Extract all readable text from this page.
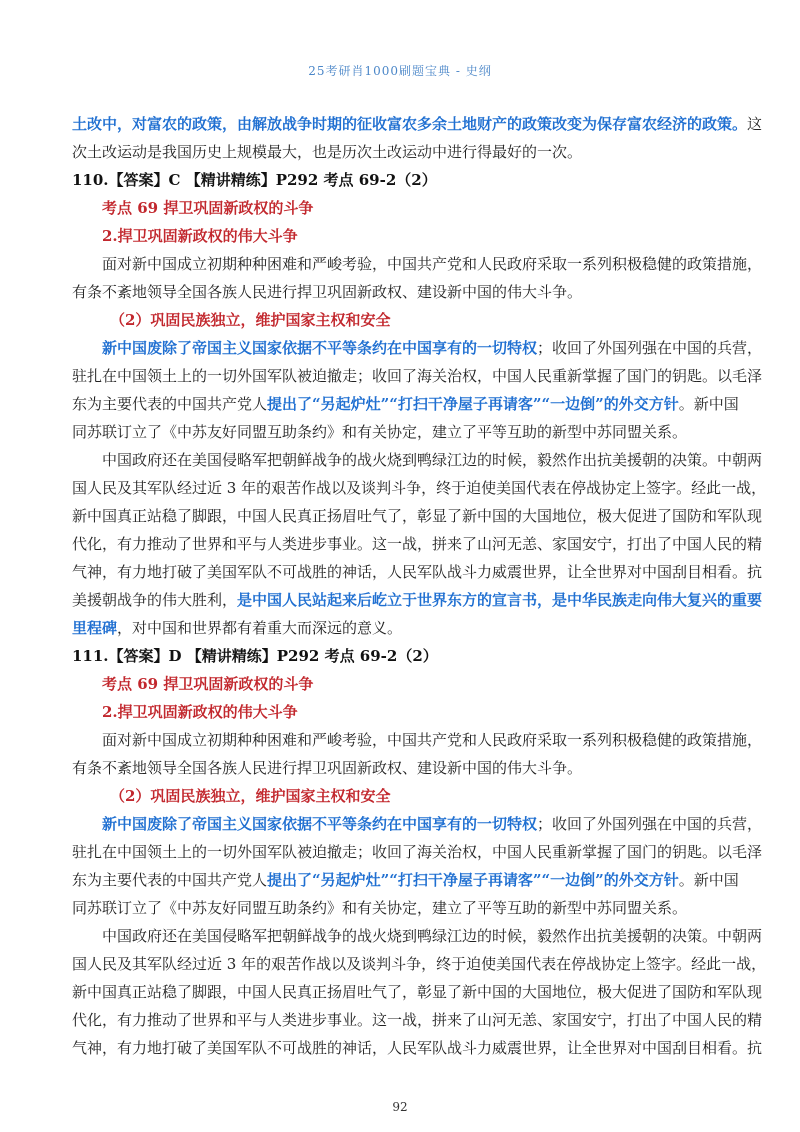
25考研肖1000刷题宝典 - 史纲

土改中，对富农的政策，由解放战争时期的征收富农多余土地财产的政策改变为保存富农经济的政策。这

次土改运动是我国历史上规模最大，也是历次土改运动中进行得最好的一次。

110.【答案】C 【精讲精练】P292 考点 69-2（2）

考点 69 捍卫巩固新政权的斗争

2.捍卫巩固新政权的伟大斗争

面对新中国成立初期种种困难和严峻考验，中国共产党和人民政府采取一系列积极稳健的政策措施，

有条不紊地领导全国各族人民进行捍卫巩固新政权、建设新中国的伟大斗争。

（2）巩固民族独立，维护国家主权和安全

新中国废除了帝国主义国家依据不平等条约在中国享有的一切特权；收回了外国列强在中国的兵营，

驻扎在中国领土上的一切外国军队被迫撤走；收回了海关治权，中国人民重新掌握了国门的钥匙。以毛泽

东为主要代表的中国共产党人提出了“另起炉灶”“打扫干净屋子再请客”“一边倒”的外交方针。新中国

同苏联订立了《中苏友好同盟互助条约》和有关协定，建立了平等互助的新型中苏同盟关系。

中国政府还在美国侵略军把朝鲜战争的战火烧到鸭绿江边的时候，毅然作出抗美援朝的决策。中朝两

国人民及其军队经过近 3 年的艰苦作战以及谈判斗争，终于迫使美国代表在停战协定上签字。经此一战，

新中国真正站稳了脚跟，中国人民真正扬眉吐气了，彰显了新中国的大国地位，极大促进了国防和军队现

代化，有力推动了世界和平与人类进步事业。这一战，拼来了山河无恙、家国安宁，打出了中国人民的精

气神，有力地打破了美国军队不可战胜的神话，人民军队战斗力威震世界，让全世界对中国刮目相看。抗

美援朝战争的伟大胜利，是中国人民站起来后屹立于世界东方的宣言书，是中华民族走向伟大复兴的重要

里程碑，对中国和世界都有着重大而深远的意义。

111.【答案】D 【精讲精练】P292 考点 69-2（2）

考点 69 捍卫巩固新政权的斗争

2.捍卫巩固新政权的伟大斗争

面对新中国成立初期种种困难和严峻考验，中国共产党和人民政府采取一系列积极稳健的政策措施，

有条不紊地领导全国各族人民进行捍卫巩固新政权、建设新中国的伟大斗争。

（2）巩固民族独立，维护国家主权和安全

新中国废除了帝国主义国家依据不平等条约在中国享有的一切特权；收回了外国列强在中国的兵营，

驻扎在中国领土上的一切外国军队被迫撤走；收回了海关治权，中国人民重新掌握了国门的钥匙。以毛泽

东为主要代表的中国共产党人提出了“另起炉灶”“打扫干净屋子再请客”“一边倒”的外交方针。新中国

同苏联订立了《中苏友好同盟互助条约》和有关协定，建立了平等互助的新型中苏同盟关系。

中国政府还在美国侵略军把朝鲜战争的战火烧到鸭绿江边的时候，毅然作出抗美援朝的决策。中朝两

国人民及其军队经过近 3 年的艰苦作战以及谈判斗争，终于迫使美国代表在停战协定上签字。经此一战，

新中国真正站稳了脚跟，中国人民真正扬眉吐气了，彰显了新中国的大国地位，极大促进了国防和军队现

代化，有力推动了世界和平与人类进步事业。这一战，拼来了山河无恙、家国安宁，打出了中国人民的精

气神，有力地打破了美国军队不可战胜的神话，人民军队战斗力威震世界，让全世界对中国刮目相看。抗

92
